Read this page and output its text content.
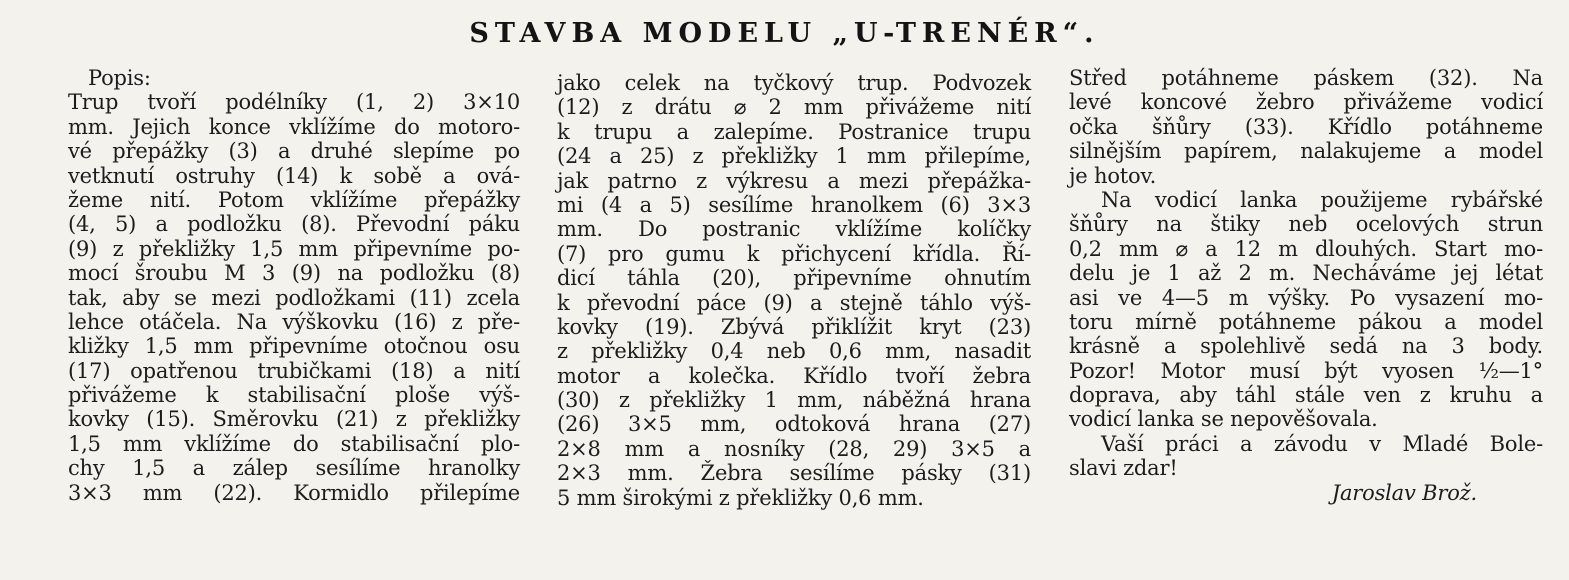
STAVBA MODELU „U-TRENÉR“.
Popis:
Trup tvoří podélníky (1, 2) 3×10
mm. Jejich konce vklížíme do motoro-
vé přepážky (3) a druhé slepíme po
vetknutí ostruhy (14) k sobě a ová-
žeme nití. Potom vklížíme přepážky
(4, 5) a podložku (8). Převodní páku
(9) z překližky 1,5 mm připevníme po-
mocí šroubu M 3 (9) na podložku (8)
tak, aby se mezi podložkami (11) zcela
lehce otáčela. Na výškovku (16) z pře-
kližky 1,5 mm připevníme otočnou osu
(17) opatřenou trubičkami (18) a nití
přivážeme k stabilisační ploše výš-
kovky (15). Směrovku (21) z překližky
1,5 mm vklížíme do stabilisační plo-
chy 1,5 a zálep sesílíme hranolky
3×3 mm (22). Kormidlo přilepíme
jako celek na tyčkový trup. Podvozek
(12) z drátu ⌀ 2 mm přivážeme nití
k trupu a zalepíme. Postranice trupu
(24 a 25) z překližky 1 mm přilepíme,
jak patrno z výkresu a mezi přepážka-
mi (4 a 5) sesílíme hranolkem (6) 3×3
mm. Do postranic vklížíme kolíčky
(7) pro gumu k přichycení křídla. Ří-
dicí táhla (20), připevníme ohnutím
k převodní páce (9) a stejně táhlo výš-
kovky (19). Zbývá přiklížit kryt (23)
z překližky 0,4 neb 0,6 mm, nasadit
motor a kolečka. Křídlo tvoří žebra
(30) z překližky 1 mm, náběžná hrana
(26) 3×5 mm, odtoková hrana (27)
2×8 mm a nosníky (28, 29) 3×5 a
2×3 mm. Žebra sesílíme pásky (31)
5 mm širokými z překližky 0,6 mm.
Střed potáhneme páskem (32). Na
levé koncové žebro přivážeme vodicí
očka šňůry (33). Křídlo potáhneme
silnějším papírem, nalakujeme a model
je hotov.
Na vodicí lanka použijeme rybářské
šňůry na štiky neb ocelových strun
0,2 mm ⌀ a 12 m dlouhých. Start mo-
delu je 1 až 2 m. Necháváme jej létat
asi ve 4—5 m výšky. Po vysazení mo-
toru mírně potáhneme pákou a model
krásně a spolehlivě sedá na 3 body.
Pozor! Motor musí být vyosen ½—1°
doprava, aby táhl stále ven z kruhu a
vodicí lanka se nepověšovala.
Vaší práci a závodu v Mladé Bole-
slavi zdar!
Jaroslav Brož.
